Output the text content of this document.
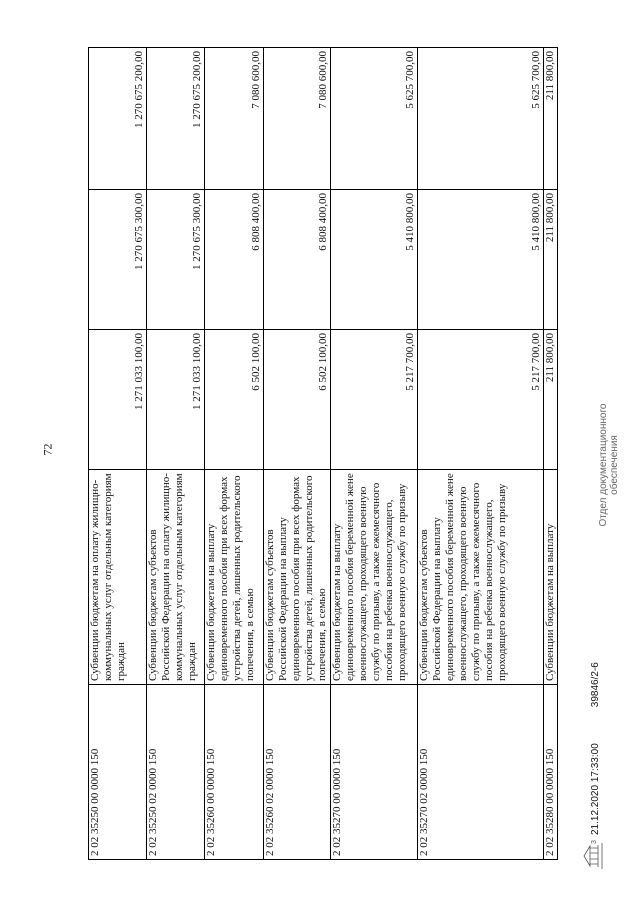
72
2 02 35250 00 0000 150	Субвенции бюджетам на оплату жилищно-коммунальных услуг отдельным категориям граждан	1 271 033 100,00	1 270 675 300,00	1 270 675 200,00
2 02 35250 02 0000 150	Субвенции бюджетам субъектов Российской Федерации на оплату жилищно-коммунальных услуг отдельным категориям граждан	1 271 033 100,00	1 270 675 300,00	1 270 675 200,00
2 02 35260 00 0000 150	Субвенции бюджетам на выплату единовременного пособия при всех формах устройства детей, лишенных родительского попечения, в семью	6 502 100,00	6 808 400,00	7 080 600,00
2 02 35260 02 0000 150	Субвенции бюджетам субъектов Российской Федерации на выплату единовременного пособия при всех формах устройства детей, лишенных родительского попечения, в семью	6 502 100,00	6 808 400,00	7 080 600,00
2 02 35270 00 0000 150	Субвенции бюджетам на выплату единовременного пособия беременной жене военнослужащего, проходящего военную службу по призыву, а также ежемесячного пособия на ребенка военнослужащего, проходящего военную службу по призыву	5 217 700,00	5 410 800,00	5 625 700,00
2 02 35270 02 0000 150	Субвенции бюджетам субъектов Российской Федерации на выплату единовременного пособия беременной жене военнослужащего, проходящего военную службу по призыву, а также ежемесячного пособия на ребенка военнослужащего, проходящего военную службу по призыву	5 217 700,00	5 410 800,00	5 625 700,00
2 02 35280 00 0000 150	Субвенции бюджетам на выплату	211 800,00	211 800,00	211 800,00
3
21.12.2020 17:33:0039846/2-6
Отдел документационного обеспечения
